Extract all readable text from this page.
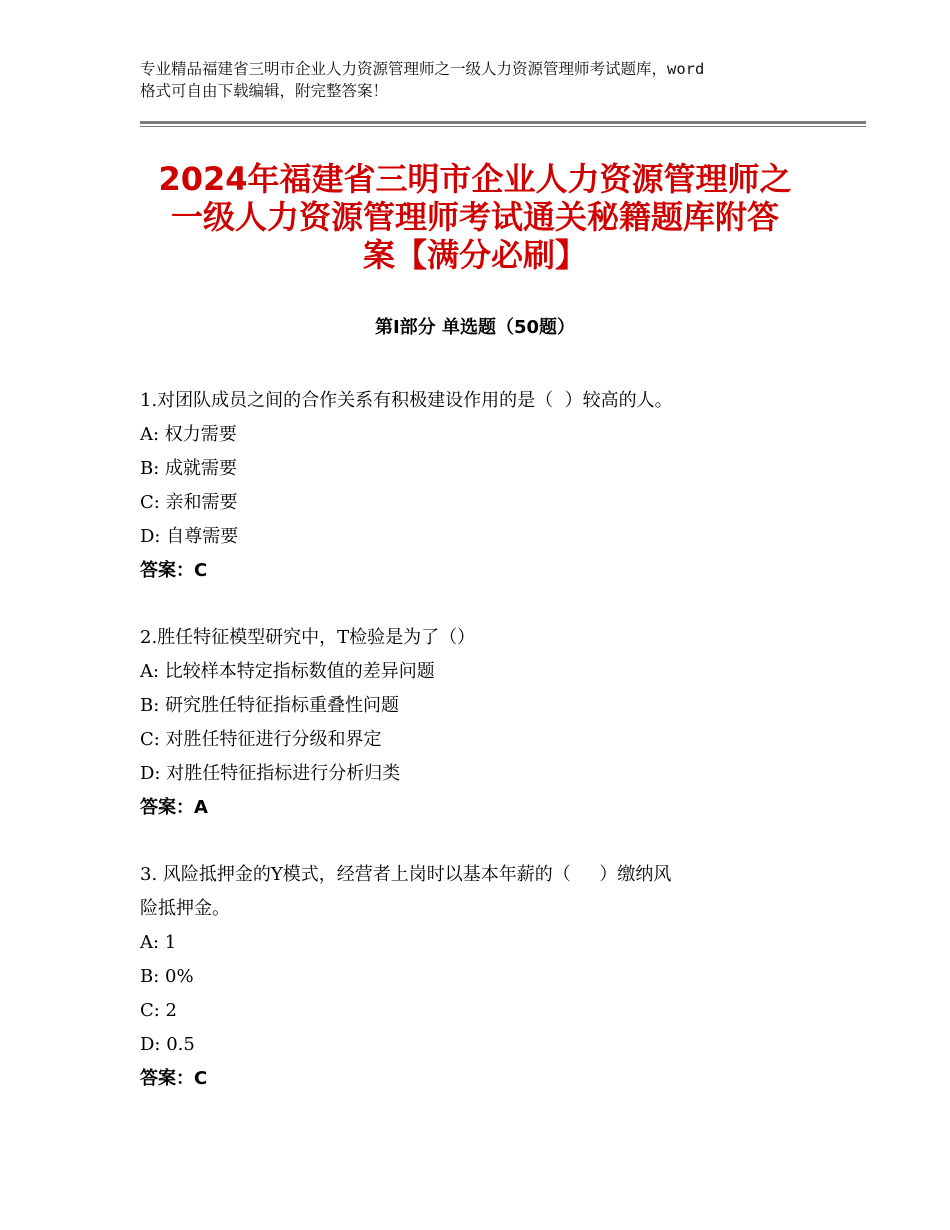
专业精品福建省三明市企业人力资源管理师之一级人力资源管理师考试题库，word
格式可自由下载编辑，附完整答案！
2024年福建省三明市企业人力资源管理师之
一级人力资源管理师考试通关秘籍题库附答
案【满分必刷】
第Ⅰ部分 单选题（50题）

1.对团队成员之间的合作关系有积极建设作用的是（  ）较高的人。

A: 权力需要
B: 成就需要
C: 亲和需要
D: 自尊需要
答案：C

2.胜任特征模型研究中，T检验是为了（）

A: 比较样本特定指标数值的差异问题
B: 研究胜任特征指标重叠性问题
C: 对胜任特征进行分级和界定
D: 对胜任特征指标进行分析归类
答案：A
3. 风险抵押金的Y模式，经营者上岗时以基本年薪的（     ）缴纳风
险抵押金。
A: 1
B: 0%
C: 2
D: 0.5
答案：C
